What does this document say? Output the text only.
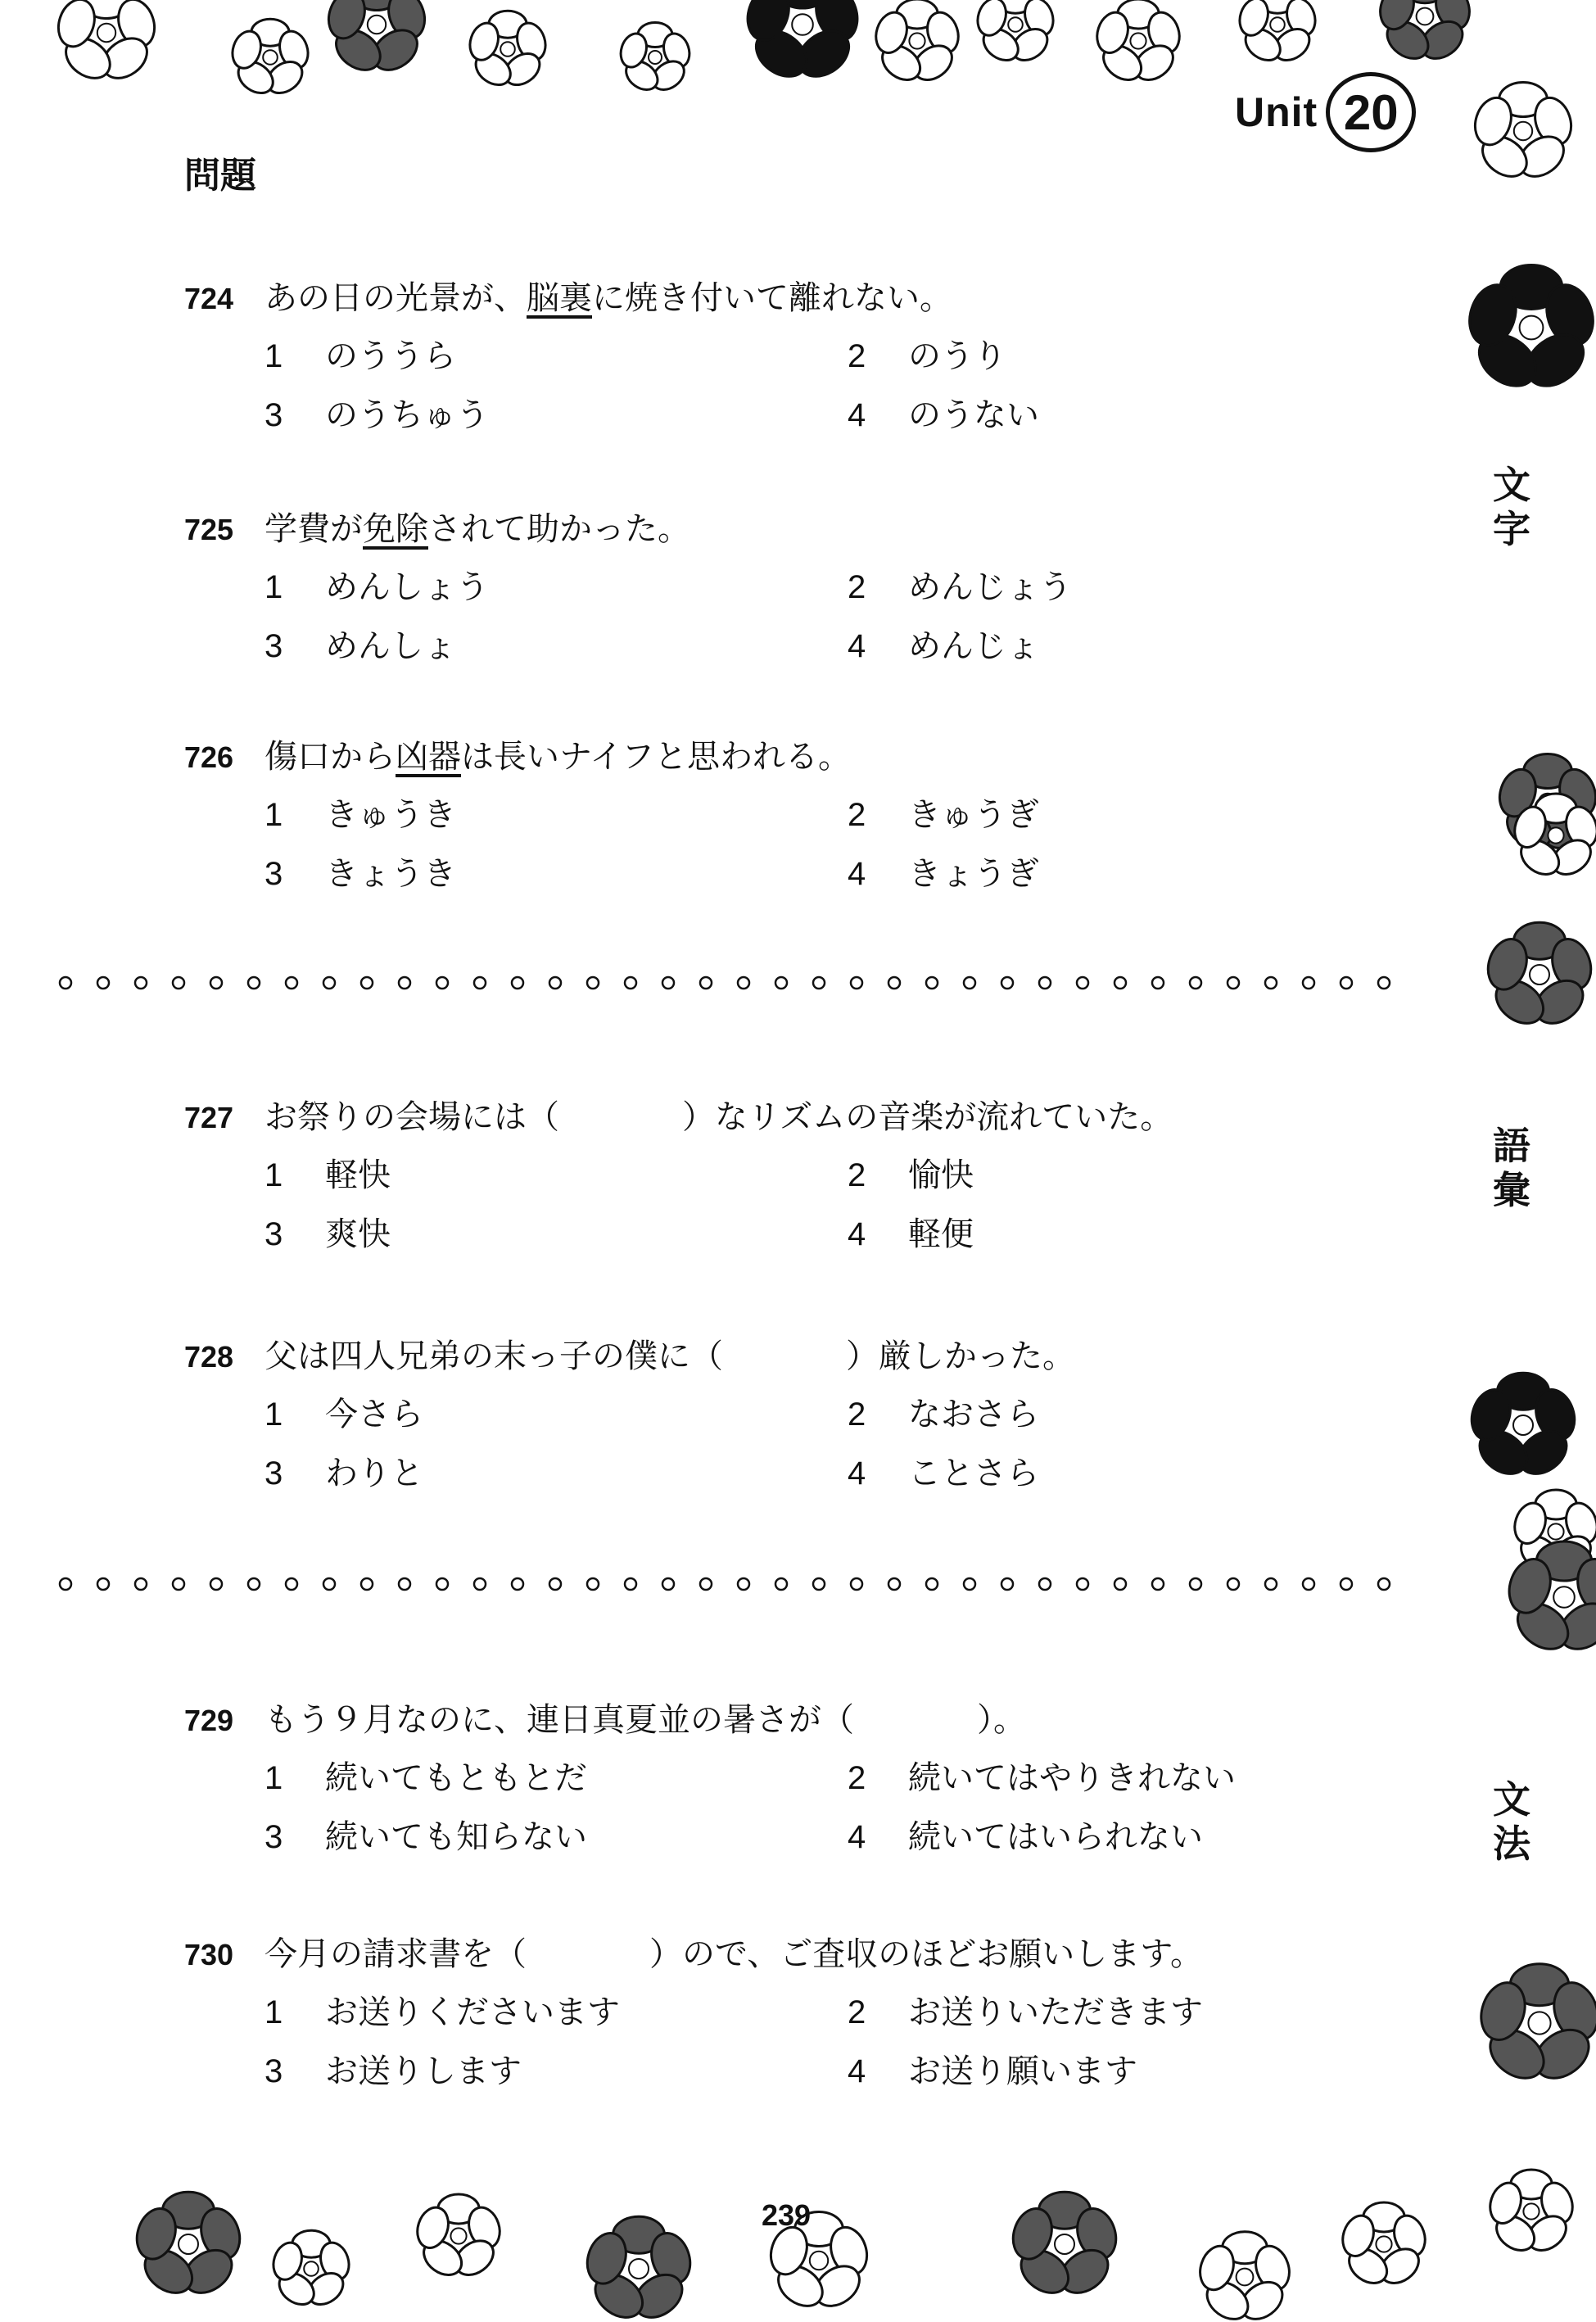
Unit 20
問題
文字
語彙
文法
724 あの日の光景が、脳裏に焼き付いて離れない。
1 のううら	2 のうり
3 のうちゅう	4 のうない
725 学費が免除されて助かった。
1 めんしょう	2 めんじょう
3 めんしょ	4 めんじょ
726 傷口から凶器は長いナイフと思われる。
1 きゅうき	2 きゅうぎ
3 きょうき	4 きょうぎ
727 お祭りの会場には（	）なリズムの音楽が流れていた。
1 軽快	2 愉快
3 爽快	4 軽便
728 父は四人兄弟の末っ子の僕に（	）厳しかった。
1 今さら	2 なおさら
3 わりと	4 ことさら
729 もう９月なのに、連日真夏並の暑さが（	）。
1 続いてもともとだ	2 続いてはやりきれない
3 続いても知らない	4 続いてはいられない
730 今月の請求書を（	）ので、ご査収のほどお願いします。
1 お送りくださいます	2 お送りいただきます
3 お送りします	4 お送り願います
239
